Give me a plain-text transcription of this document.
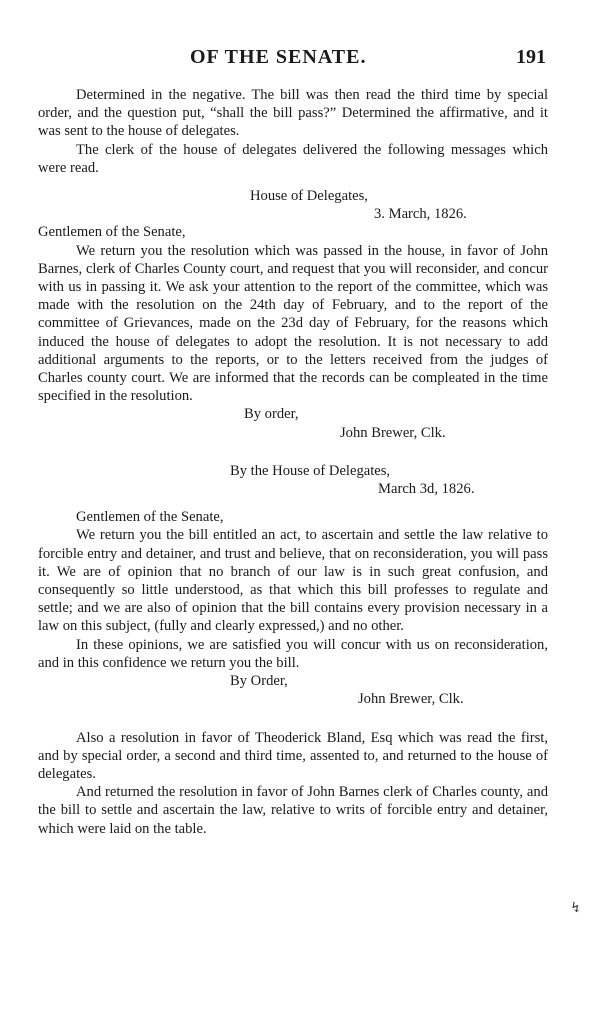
OF THE SENATE.	191

Determined in the negative. The bill was then read the third time by special order, and the question put, “shall the bill pass?” Determined the affirmative, and it was sent to the house of delegates.

The clerk of the house of delegates delivered the following messages which were read.

House of Delegates,

3. March, 1826.

Gentlemen of the Senate,

We return you the resolution which was passed in the house, in favor of John Barnes, clerk of Charles County court, and request that you will reconsider, and concur with us in passing it. We ask your attention to the report of the committee, which was made with the resolution on the 24th day of February, and to the report of the committee of Grievances, made on the 23d day of February, for the reasons which induced the house of delegates to adopt the resolution. It is not necessary to add additional arguments to the reports, or to the letters received from the judges of Charles county court. We are informed that the records can be compleated in the time specified in the resolution.

By order,

John Brewer, Clk.

By the House of Delegates,

March 3d, 1826.

Gentlemen of the Senate,

We return you the bill entitled an act, to ascertain and settle the law relative to forcible entry and detainer, and trust and believe, that on reconsideration, you will pass it. We are of opinion that no branch of our law is in such great confusion, and consequently so little understood, as that which this bill professes to regulate and settle; and we are also of opinion that the bill contains every provision necessary in a law on this subject, (fully and clearly expressed,) and no other.

In these opinions, we are satisfied you will concur with us on reconsideration, and in this confidence we return you the bill.

By Order,

John Brewer, Clk.

Also a resolution in favor of Theoderick Bland, Esq which was read the first, and by special order, a second and third time, assented to, and returned to the house of delegates.

And returned the resolution in favor of John Barnes clerk of Charles county, and the bill to settle and ascertain the law, relative to writs of forcible entry and detainer, which were laid on the table.

↯
